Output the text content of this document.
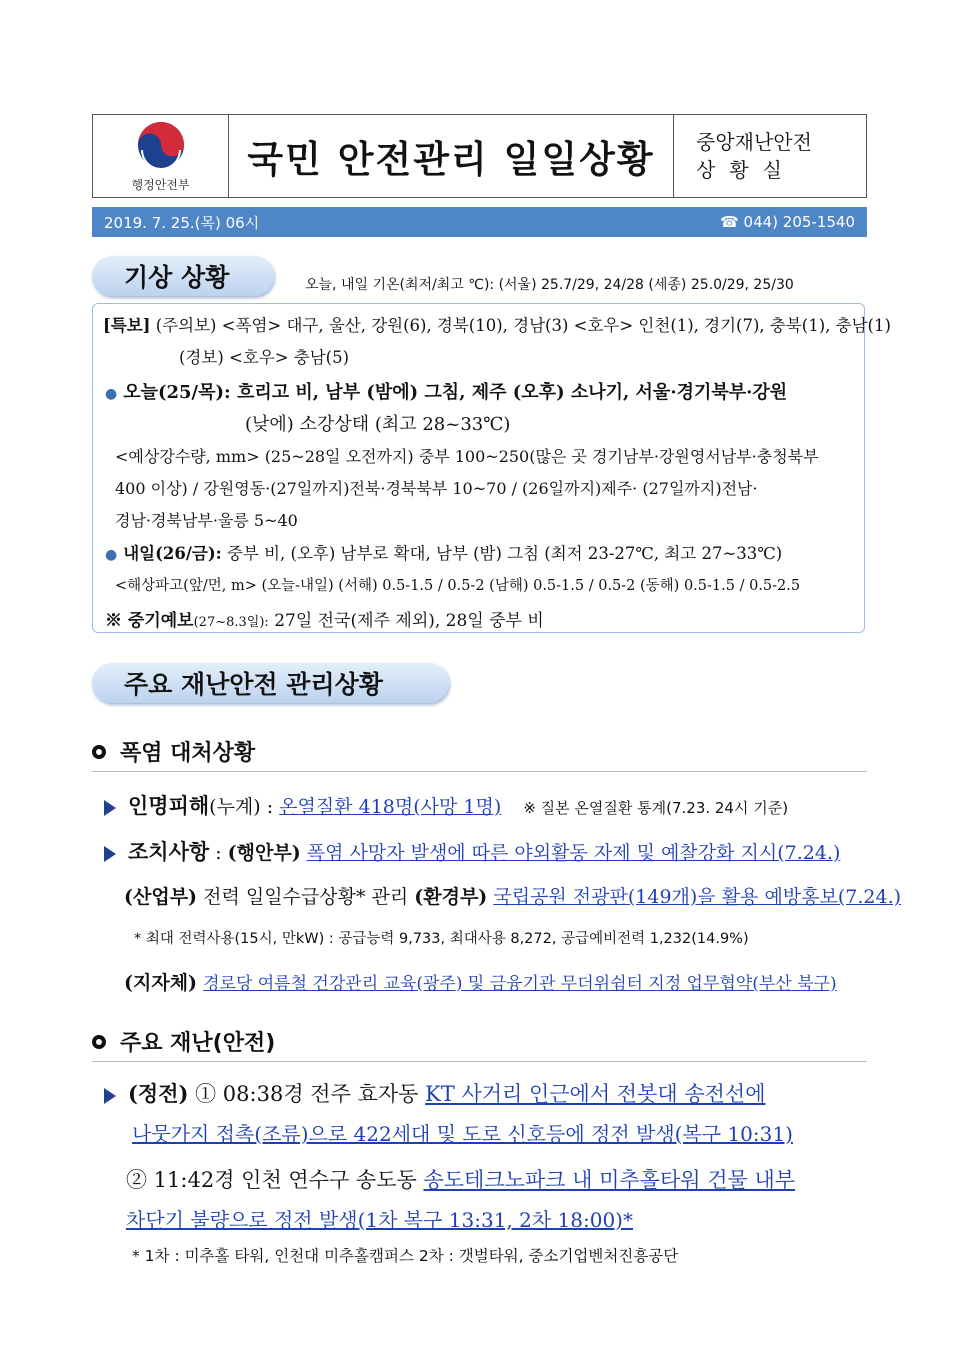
행정안전부
국민 안전관리 일일상황	중앙재난안전
상황실
2019. 7. 25.(목) 06시	☎ 044) 205-1540
기상 상황	오늘, 내일 기온(최저/최고 ℃): (서울) 25.7/29, 24/28 (세종) 25.0/29, 25/30
[특보] (주의보) <폭염> 대구, 울산, 강원(6), 경북(10), 경남(3) <호우> 인천(1), 경기(7), 충북(1), 충남(1)
(경보) <호우> 충남(5)
● 오늘(25/목): 흐리고 비, 남부 (밤에) 그침, 제주 (오후) 소나기, 서울·경기북부·강원
(낮에) 소강상태 (최고 28~33℃)
<예상강수량, mm> (25~28일 오전까지) 중부 100~250(많은 곳 경기남부·강원영서남부·충청북부
400 이상) / 강원영동·(27일까지)전북·경북북부 10~70 / (26일까지)제주· (27일까지)전남·
경남·경북남부·울릉 5~40
● 내일(26/금): 중부 비, (오후) 남부로 확대, 남부 (밤) 그침 (최저 23-27℃, 최고 27~33℃)
<해상파고(앞/먼, m> (오늘-내일) (서해) 0.5-1.5 / 0.5-2 (남해) 0.5-1.5 / 0.5-2 (동해) 0.5-1.5 / 0.5-2.5
※ 중기예보(27~8.3일): 27일 전국(제주 제외), 28일 중부 비
주요 재난안전 관리상황
폭염 대처상황
인명피해(누계) : 온열질환 418명(사망 1명) ※ 질본 온열질환 통계(7.23. 24시 기준)
조치사항 : (행안부) 폭염 사망자 발생에 따른 야외활동 자제 및 예찰강화 지시(7.24.)
(산업부) 전력 일일수급상황* 관리 (환경부) 국립공원 전광판(149개)을 활용 예방홍보(7.24.)
* 최대 전력사용(15시, 만kW) : 공급능력 9,733, 최대사용 8,272, 공급예비전력 1,232(14.9%)
(지자체) 경로당 여름철 건강관리 교육(광주) 및 금융기관 무더위쉼터 지정 업무협약(부산 북구)
주요 재난(안전)
(정전) ① 08:38경 전주 효자동 KT 사거리 인근에서 전봇대 송전선에
나뭇가지 접촉(조류)으로 422세대 및 도로 신호등에 정전 발생(복구 10:31)
② 11:42경 인천 연수구 송도동 송도테크노파크 내 미추홀타워 건물 내부
차단기 불량으로 정전 발생(1차 복구 13:31, 2차 18:00)*
* 1차 : 미추홀 타워, 인천대 미추홀캠퍼스 2차 : 갯벌타워, 중소기업벤처진흥공단
